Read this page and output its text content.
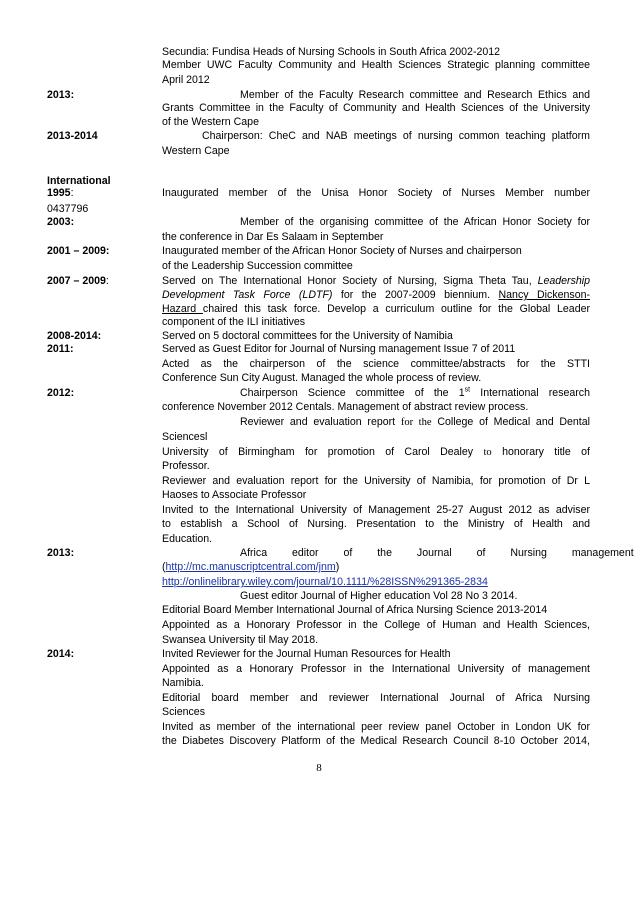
2013:
2013-2014
International
1995:
0437796
2003:
2001 – 2009:
2007 – 2009:
2008-2014:
2011:
2012:
2013:
2014:
Secundia: Fundisa Heads of Nursing Schools in South Africa 2002-2012
Member UWC Faculty Community and Health Sciences Strategic planning committee
April 2012
Member of the Faculty Research committee and Research Ethics and
Grants Committee in the Faculty of Community and Health Sciences of the University
of the Western Cape
Chairperson: CheC and NAB meetings of nursing common teaching platform
Western Cape
Inaugurated member of the Unisa Honor Society of Nurses Member number
Member of the organising committee of the African Honor Society for
the conference in Dar Es Salaam in September
Inaugurated member of the African Honor Society of Nurses and chairperson
of the Leadership Succession committee
Served on The International Honor Society of Nursing, Sigma Theta Tau, Leadership
Development Task Force (LDTF) for the 2007-2009 biennium. Nancy Dickenson-
Hazard chaired this task force. Develop a curriculum outline for the Global Leader
component of the ILI initiatives
Served on 5 doctoral committees for the University of Namibia
Served as Guest Editor for Journal of Nursing management Issue 7 of 2011
Acted as the chairperson of the science committee/abstracts for the STTI
Conference Sun City August. Managed the whole process of review.
Chairperson Science committee of the 1st International research
conference November 2012 Centals. Management of abstract review process.
Reviewer and evaluation report for the College of Medical and Dental
Sciencesl
University of Birmingham for promotion of Carol Dealey to honorary title of
Professor.
Reviewer and evaluation report for the University of Namibia, for promotion of Dr L
Haoses to Associate Professor
Invited to the International University of Management 25-27 August 2012 as adviser
to establish a School of Nursing. Presentation to the Ministry of Health and
Education.
Africa editor of the Journal of Nursing management
(http://mc.manuscriptcentral.com/jnm)
http://onlinelibrary.wiley.com/journal/10.1111/%28ISSN%291365-2834
Guest editor Journal of Higher education Vol 28 No 3 2014.
Editorial Board Member International Journal of Africa Nursing Science 2013-2014
Appointed as a Honorary Professor in the College of Human and Health Sciences,
Swansea University til May 2018.
Invited Reviewer for the Journal Human Resources for Health
Appointed as a Honorary Professor in the International University of management
Namibia.
Editorial board member and reviewer International Journal of Africa Nursing
Sciences
Invited as member of the international peer review panel October in London UK for
the Diabetes Discovery Platform of the Medical Research Council 8-10 October 2014,
8
